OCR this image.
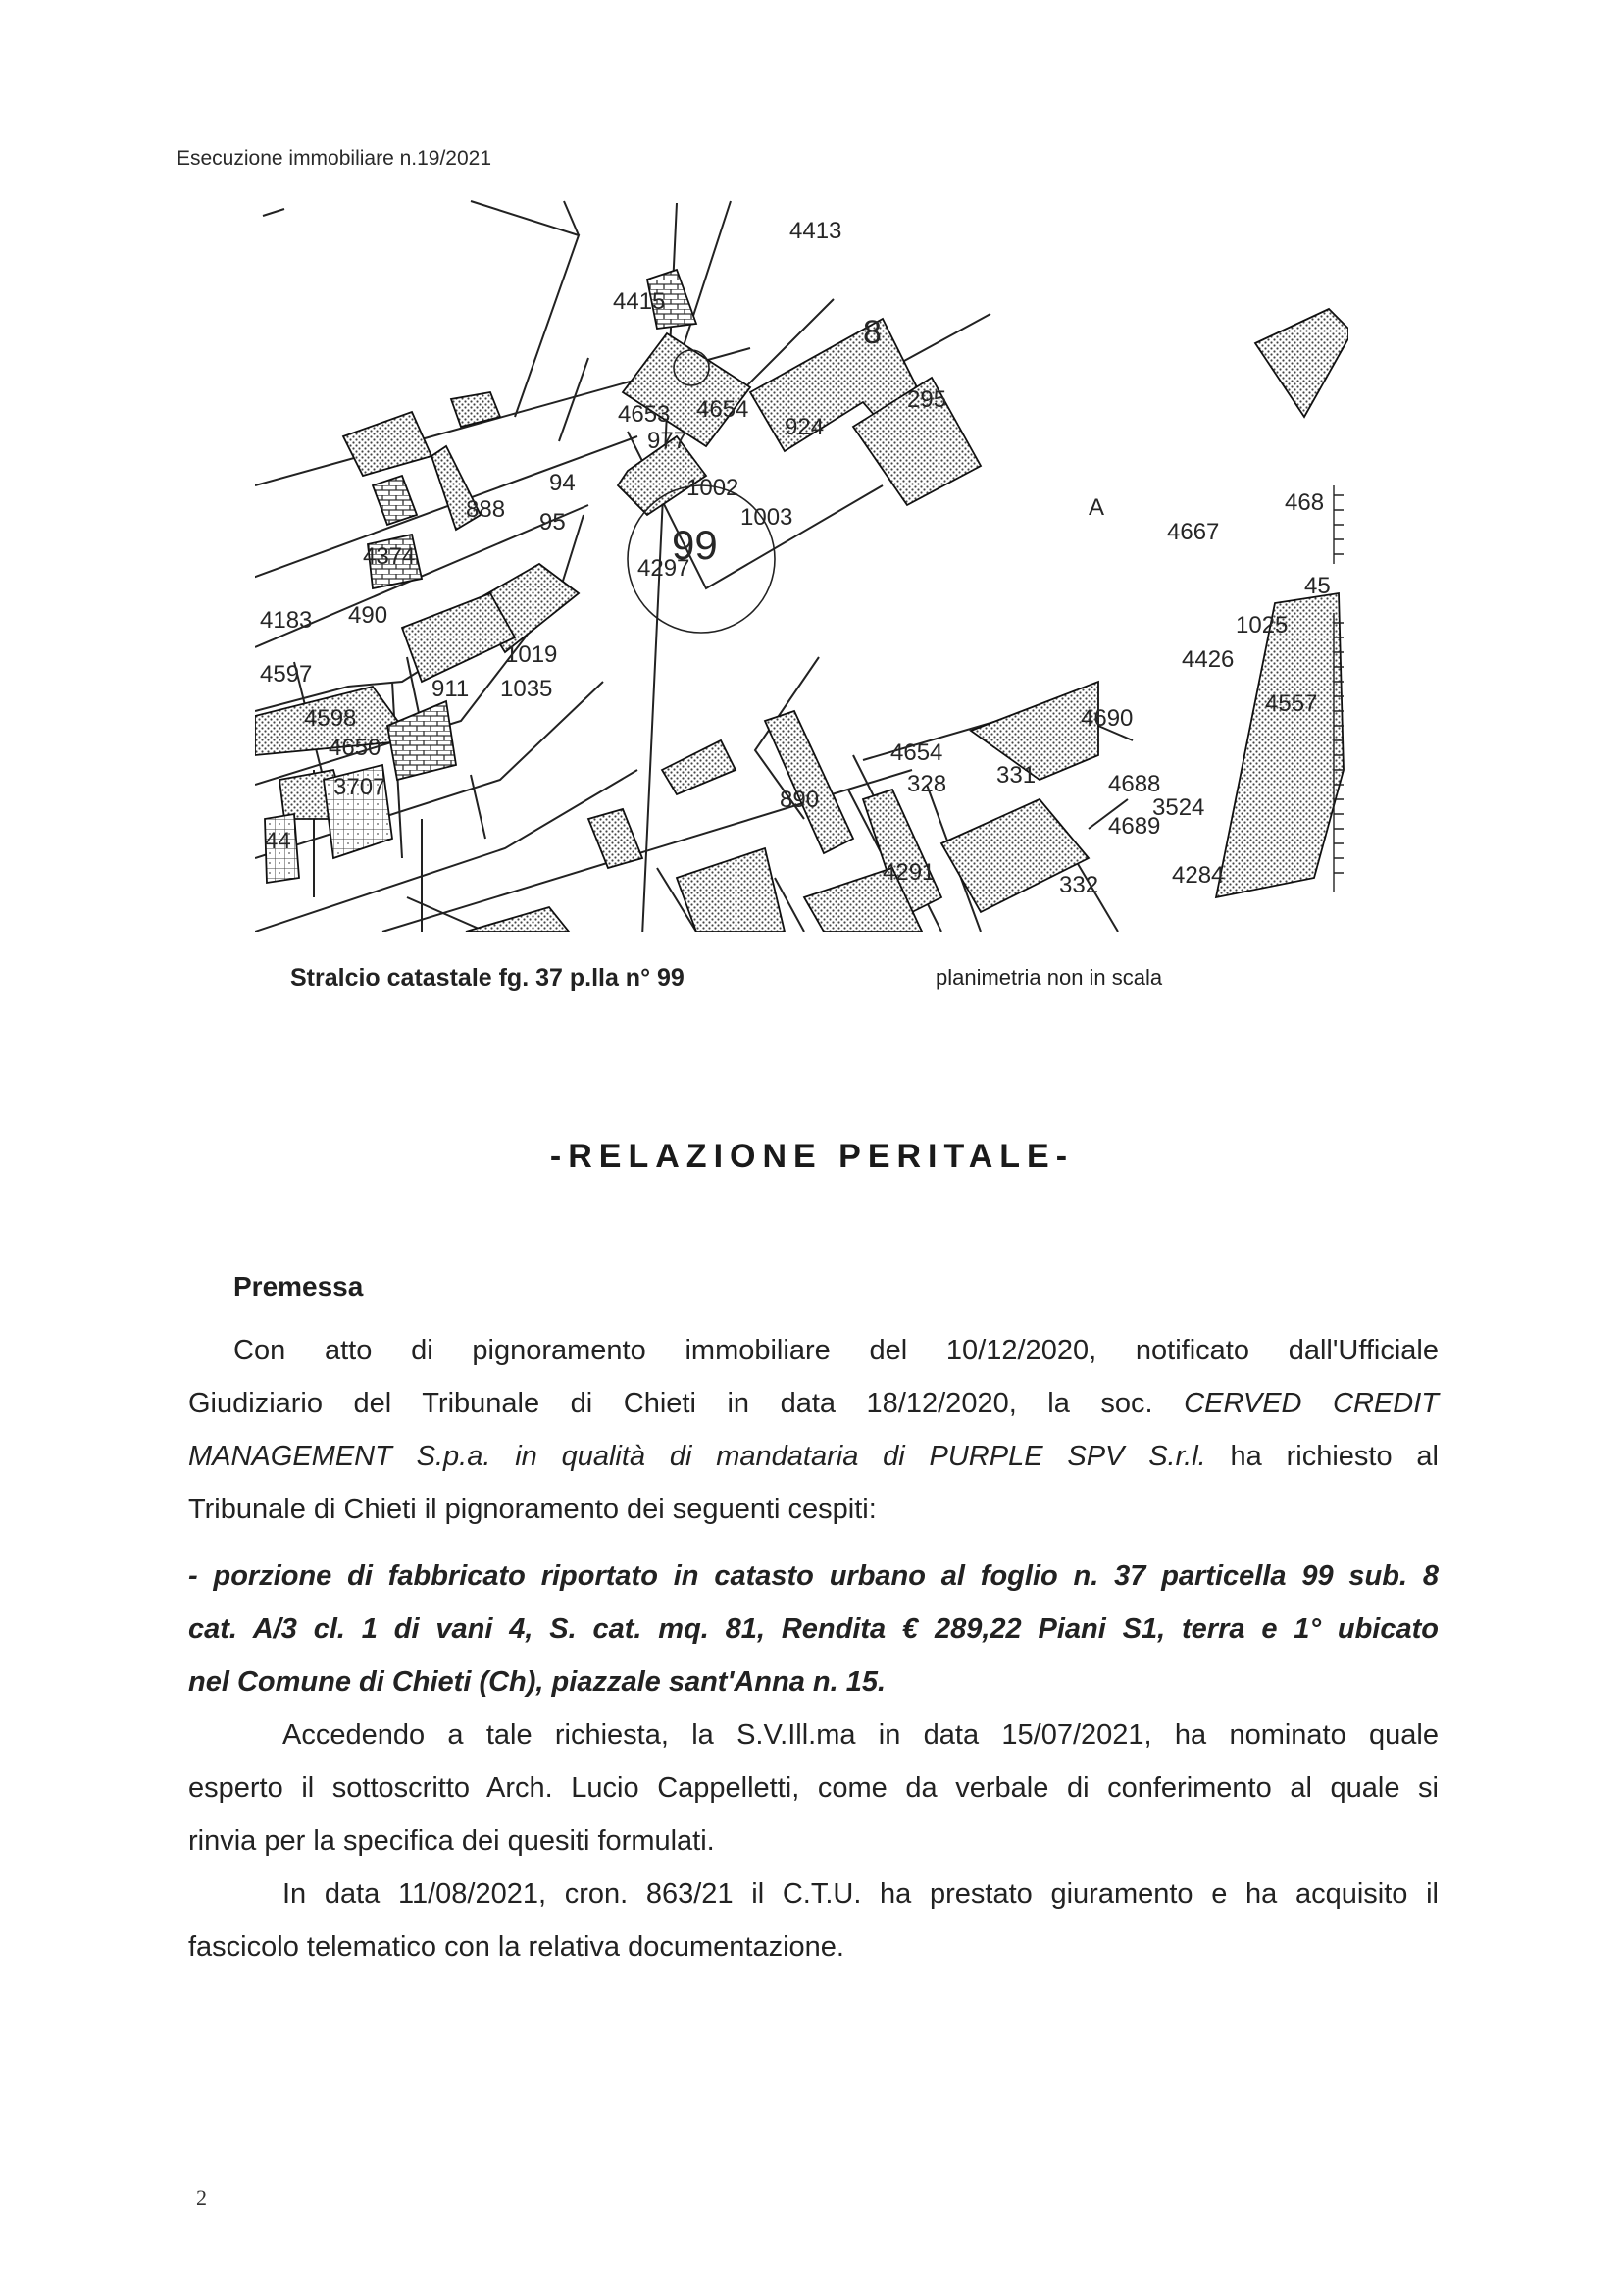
Esecuzione immobiliare n.19/2021
4413
4415
924
4653 4654
977
94
95
1002
99
1003
4297
888
4374
4183 490
4597
911 1035
4598
4650
3707
44
1019
295
A
4667
468
45
4426
4557
1025
4690
4654
328
890
331	4688
3524
4689
4291	332	4284
8
Stralcio catastale fg. 37 p.lla n° 99	planimetria non in scala
-RELAZIONE PERITALE-
Premessa
Con atto di pignoramento immobiliare del 10/12/2020, notificato dall'Ufficiale
Giudiziario del Tribunale di Chieti in data 18/12/2020, la soc. CERVED CREDIT
MANAGEMENT S.p.a. in qualità di mandataria di PURPLE SPV S.r.l. ha richiesto al
Tribunale di Chieti il pignoramento dei seguenti cespiti:
- porzione di fabbricato riportato in catasto urbano al foglio n. 37 particella 99 sub. 8
cat. A/3 cl. 1 di vani 4, S. cat. mq. 81, Rendita € 289,22 Piani S1, terra e 1° ubicato
nel Comune di Chieti (Ch), piazzale sant'Anna n. 15.
Accedendo a tale richiesta, la S.V.Ill.ma in data 15/07/2021, ha nominato quale
esperto il sottoscritto Arch. Lucio Cappelletti, come da verbale di conferimento al quale si
rinvia per la specifica dei quesiti formulati.
In data 11/08/2021, cron. 863/21 il C.T.U. ha prestato giuramento e ha acquisito il
fascicolo telematico con la relativa documentazione.
2
